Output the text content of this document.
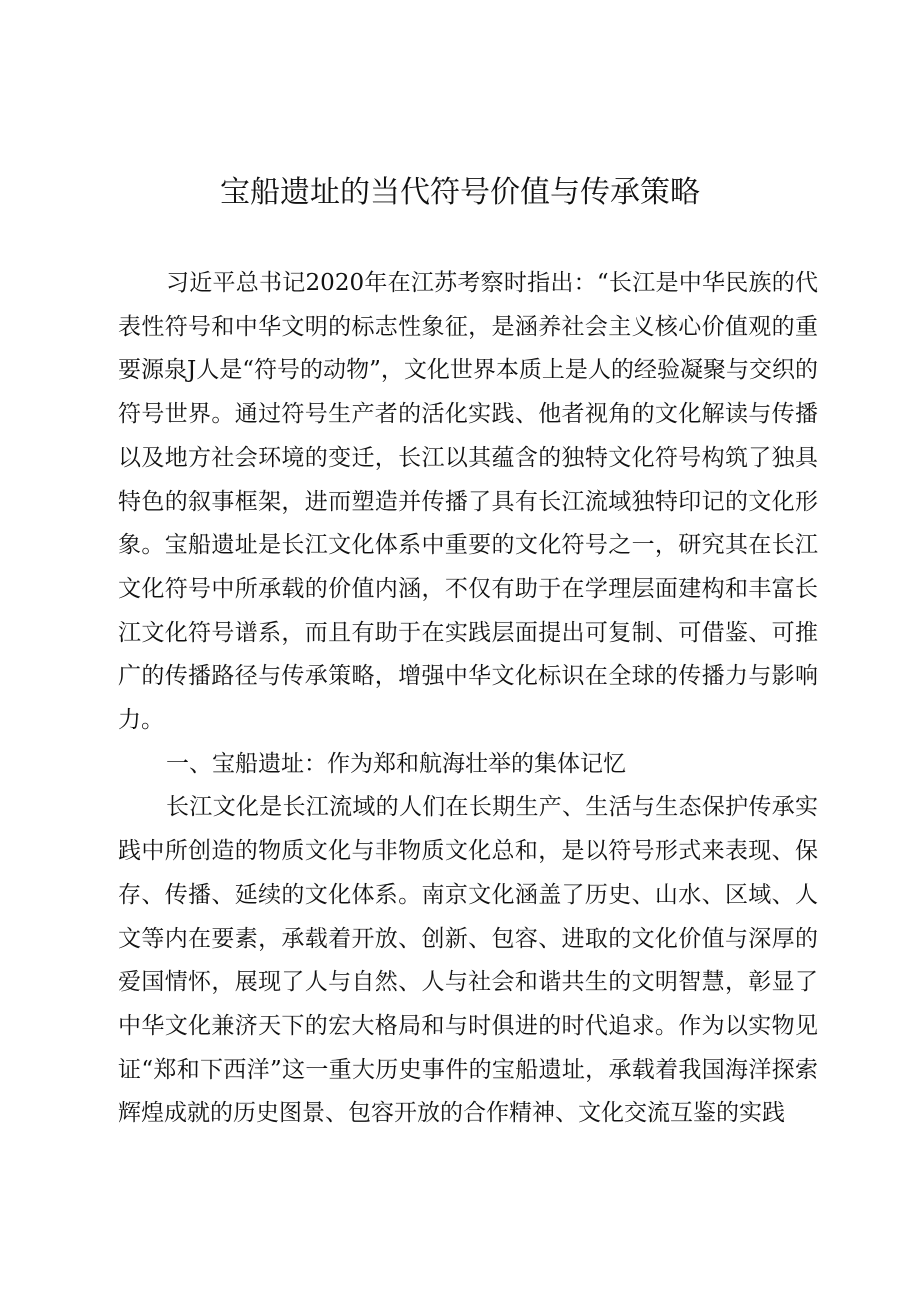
宝船遗址的当代符号价值与传承策略

习近平总书记2020年在江苏考察时指出：“长江是中华民族的代表性符号和中华文明的标志性象征，是涵养社会主义核心价值观的重要源泉J人是“符号的动物”，文化世界本质上是人的经验凝聚与交织的符号世界。通过符号生产者的活化实践、他者视角的文化解读与传播以及地方社会环境的变迁，长江以其蕴含的独特文化符号构筑了独具特色的叙事框架，进而塑造并传播了具有长江流域独特印记的文化形象。宝船遗址是长江文化体系中重要的文化符号之一，研究其在长江文化符号中所承载的价值内涵，不仅有助于在学理层面建构和丰富长江文化符号谱系，而且有助于在实践层面提出可复制、可借鉴、可推广的传播路径与传承策略，增强中华文化标识在全球的传播力与影响力。

一、宝船遗址：作为郑和航海壮举的集体记忆

长江文化是长江流域的人们在长期生产、生活与生态保护传承实践中所创造的物质文化与非物质文化总和，是以符号形式来表现、保存、传播、延续的文化体系。南京文化涵盖了历史、山水、区域、人文等内在要素，承载着开放、创新、包容、进取的文化价值与深厚的爱国情怀，展现了人与自然、人与社会和谐共生的文明智慧，彰显了中华文化兼济天下的宏大格局和与时俱进的时代追求。作为以实物见证“郑和下西洋”这一重大历史事件的宝船遗址，承载着我国海洋探索辉煌成就的历史图景、包容开放的合作精神、文化交流互鉴的实践
